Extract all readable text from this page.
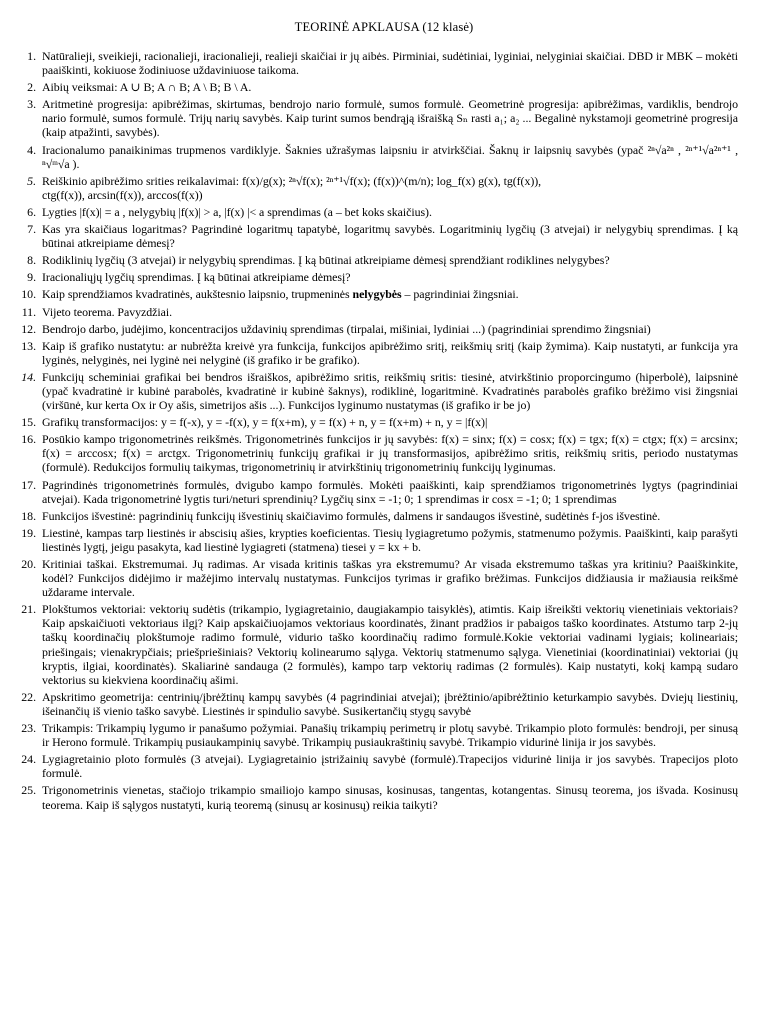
TEORINĖ APKLAUSA (12 klasė)
1. Natūralieji, sveikieji, racionalieji, iracionalieji, realieji skaičiai ir jų aibės. Pirminiai, sudėtiniai, lyginiai, nelyginiai skaičiai. DBD ir MBK – mokėti paaiškinti, kokiuose žodiniuose uždaviniuose taikoma.

2. Aibių veiksmai: A ∪ B; A ∩ B; A \ B; B \ A.

3. Aritmetinė progresija: apibrėžimas, skirtumas, bendrojo nario formulė, sumos formulė. Geometrinė progresija: apibrėžimas, vardiklis, bendrojo nario formulė, sumos formulė. Trijų narių savybės. Kaip turint sumos bendrąją išraišką Sₙ rasti a₁; a₂ ... Begalinė nykstamoji geometrinė progresija (kaip atpažinti, savybės).

4. Iracionalumo panaikinimas trupmenos vardiklyje. Šaknies užrašymas laipsniu ir atvirkščiai. Šaknų ir laipsnių savybės (ypač ²ⁿ√a²ⁿ , ²ⁿ⁺¹√a²ⁿ⁺¹ , ⁿ√ᵐ√a ).

5. Reiškinio apibrėžimo srities reikalavimai: f(x)/g(x); ²ⁿ√f(x); ²ⁿ⁺¹√f(x); (f(x))^(m/n); log_f(x) g(x), tg(f(x)),

ctg(f(x)), arcsin(f(x)), arccos(f(x))

6. Lygties |f(x)| = a , nelygybių |f(x)| > a, |f(x) |< a sprendimas (a – bet koks skaičius).

7. Kas yra skaičiaus logaritmas? Pagrindinė logaritmų tapatybė, logaritmų savybės. Logaritminių lygčių (3 atvejai) ir nelygybių sprendimas. Į ką būtinai atkreipiame dėmesį?

8. Rodiklinių lygčių (3 atvejai) ir nelygybių sprendimas. Į ką būtinai atkreipiame dėmesį sprendžiant rodiklines nelygybes?

9. Iracionaliųjų lygčių sprendimas. Į ką būtinai atkreipiame dėmesį?

10. Kaip sprendžiamos kvadratinės, aukštesnio laipsnio, trupmeninės nelygybės – pagrindiniai žingsniai.

11. Vijeto teorema. Pavyzdžiai.

12. Bendrojo darbo, judėjimo, koncentracijos uždavinių sprendimas (tirpalai, mišiniai, lydiniai ...) (pagrindiniai sprendimo žingsniai)

13. Kaip iš grafiko nustatytu: ar nubrėžta kreivė yra funkcija, funkcijos apibrėžimo sritį, reikšmių sritį (kaip žymima). Kaip nustatyti, ar funkcija yra lyginės, nelyginės, nei lyginė nei nelyginė (iš grafiko ir be grafiko).

14. Funkcijų scheminiai grafikai bei bendros išraiškos, apibrėžimo sritis, reikšmių sritis: tiesinė, atvirkštinio proporcingumo (hiperbolė), laipsninė (ypač kvadratinė ir kubinė parabolės, kvadratinė ir kubinė šaknys), rodiklinė, logaritminė. Kvadratinės parabolės grafiko brėžimo visi žingsniai (viršūnė, kur kerta Ox ir Oy ašis, simetrijos ašis ...). Funkcijos lyginumo nustatymas (iš grafiko ir be jo)

15. Grafikų transformacijos: y = f(-x), y = -f(x), y = f(x+m), y = f(x) + n, y = f(x+m) + n, y = |f(x)|

16. Posūkio kampo trigonometrinės reikšmės. Trigonometrinės funkcijos ir jų savybės: f(x) = sinx; f(x) = cosx; f(x) = tgx; f(x) = ctgx; f(x) = arcsinx; f(x) = arccosx; f(x) = arctgx. Trigonometrinių funkcijų grafikai ir jų transformasijos, apibrėžimo sritis, reikšmių sritis, periodo nustatymas (formulė). Redukcijos formulių taikymas, trigonometrinių ir atvirkštinių trigonometrinių funkcijų lyginumas.

17. Pagrindinės trigonometrinės formulės, dvigubo kampo formulės. Mokėti paaiškinti, kaip sprendžiamos trigonometrinės lygtys (pagrindiniai atvejai). Kada trigonometrinė lygtis turi/neturi sprendinių? Lygčių sinx = -1; 0; 1 sprendimas ir cosx = -1; 0; 1 sprendimas

18. Funkcijos išvestinė: pagrindinių funkcijų išvestinių skaičiavimo formulės, dalmens ir sandaugos išvestinė, sudėtinės f-jos išvestinė.

19. Liestinė, kampas tarp liestinės ir abscisių ašies, krypties koeficientas. Tiesių lygiagretumo požymis, statmenumo požymis. Paaiškinti, kaip parašyti liestinės lygtį, jeigu pasakyta, kad liestinė lygiagreti (statmena) tiesei y = kx + b.

20. Kritiniai taškai. Ekstremumai. Jų radimas. Ar visada kritinis taškas yra ekstremumu? Ar visada ekstremumo taškas yra kritiniu? Paaiškinkite, kodėl? Funkcijos didėjimo ir mažėjimo intervalų nustatymas. Funkcijos tyrimas ir grafiko brėžimas. Funkcijos didžiausia ir mažiausia reikšmė uždarame intervale.

21. Plokštumos vektoriai: vektorių sudėtis (trikampio, lygiagretainio, daugiakampio taisyklės), atimtis. Kaip išreikšti vektorių vienetiniais vektoriais? Kaip apskaičiuoti vektoriaus ilgį? Kaip apskaičiuojamos vektoriaus koordinatės, žinant pradžios ir pabaigos taško koordinates. Atstumo tarp 2-jų taškų koordinačių plokštumoje radimo formulė, vidurio taško koordinačių radimo formulė.Kokie vektoriai vadinami lygiais; kolineariais; priešingais; vienakrypčiais; priešpriešiniais? Vektorių kolinearumo sąlyga. Vektorių statmenumo sąlyga. Vienetiniai (koordinatiniai) vektoriai (jų kryptis, ilgiai, koordinatės). Skaliarinė sandauga (2 formulės), kampo tarp vektorių radimas (2 formulės). Kaip nustatyti, kokį kampą sudaro vektorius su kiekviena koordinačių ašimi.

22. Apskritimo geometrija: centrinių/įbrėžtinų kampų savybės (4 pagrindiniai atvejai); įbrėžtinio/apibrėžtinio keturkampio savybės. Dviejų liestinių, išeinančių iš vienio taško savybė. Liestinės ir spindulio savybė. Susikertančių stygų savybė

23. Trikampis: Trikampių lygumo ir panašumo požymiai. Panašių trikampių perimetrų ir plotų savybė. Trikampio ploto formulės: bendroji, per sinusą ir Herono formulė. Trikampių pusiaukampinių savybė. Trikampių pusiaukraštinių savybė. Trikampio vidurinė linija ir jos savybės.

24. Lygiagretainio ploto formulės (3 atvejai). Lygiagretainio įstrižainių savybė (formulė).Trapecijos vidurinė linija ir jos savybės. Trapecijos ploto formulė.

25. Trigonometrinis vienetas, stačiojo trikampio smailiojo kampo sinusas, kosinusas, tangentas, kotangentas. Sinusų teorema, jos išvada. Kosinusų teorema. Kaip iš sąlygos nustatyti, kurią teoremą (sinusų ar kosinusų) reikia taikyti?
